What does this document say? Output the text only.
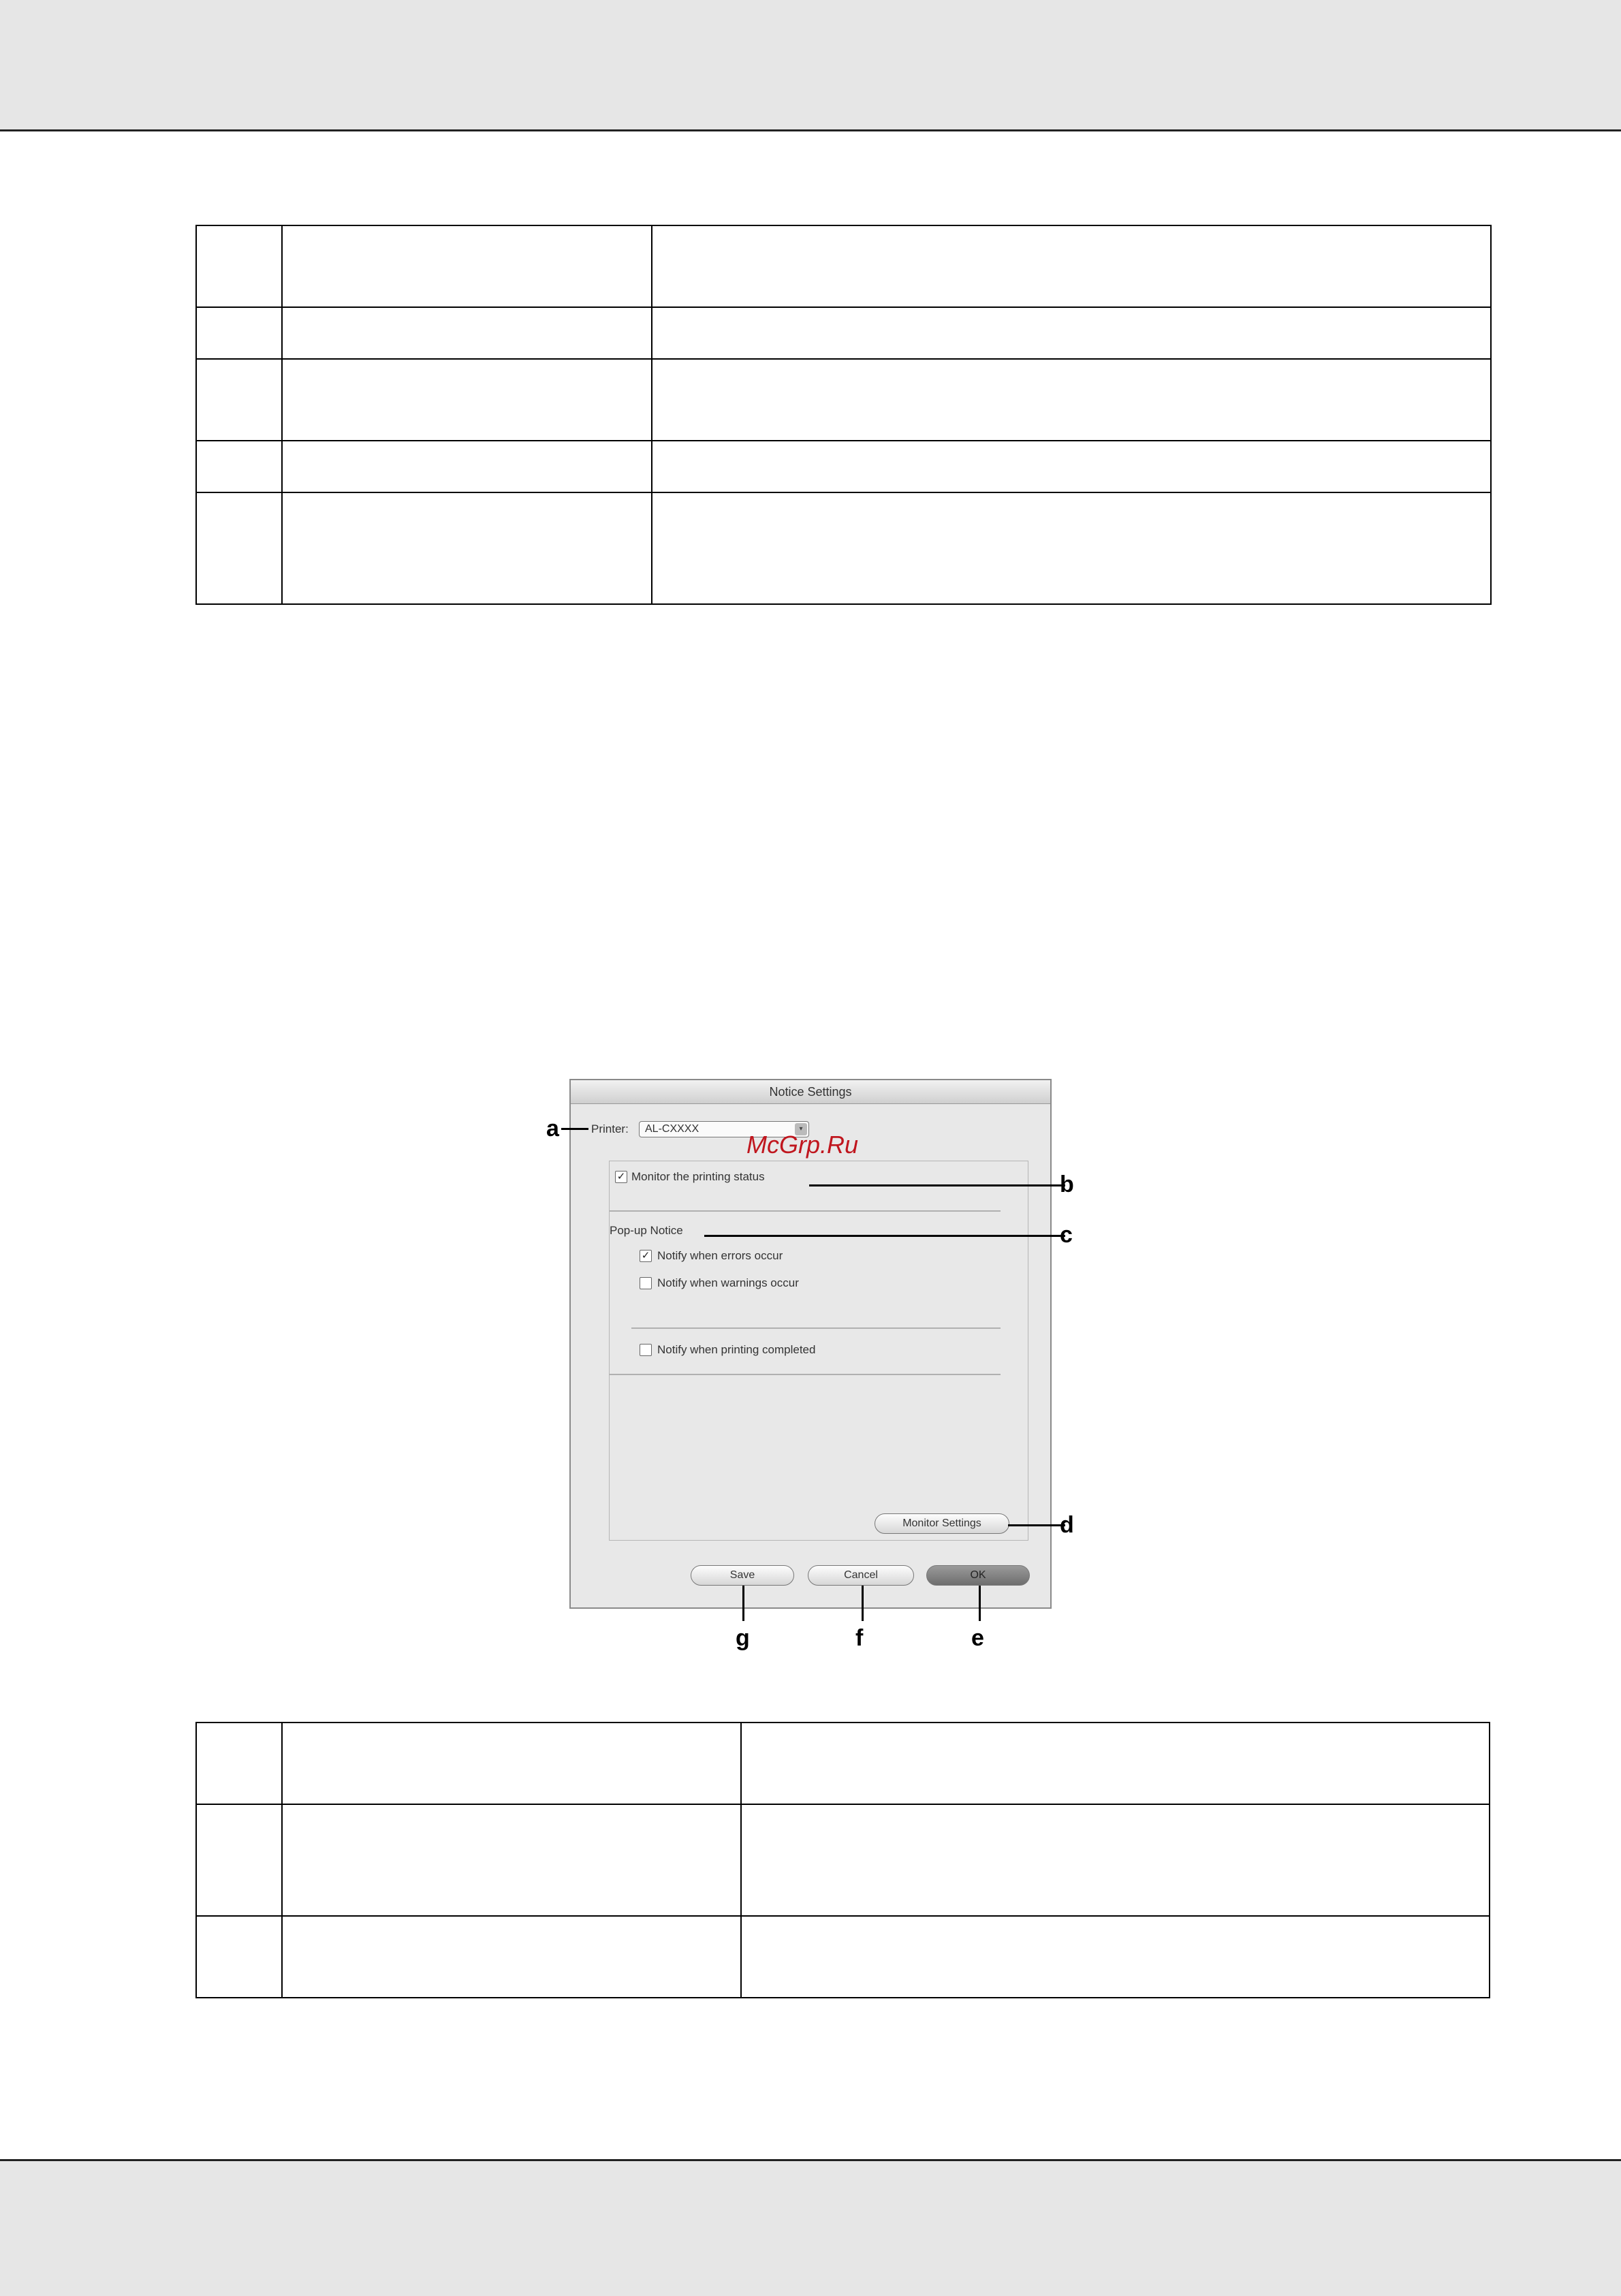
Notice Settings
Printer: AL-CXXXX	▾
✓ Monitor the printing status
Pop-up Notice
✓ Notify when errors occur
Notify when warnings occur
Notify when printing completed
Monitor Settings
Save	Cancel	OK
a
b
c
d
e
f
g
McGrp.Ru
